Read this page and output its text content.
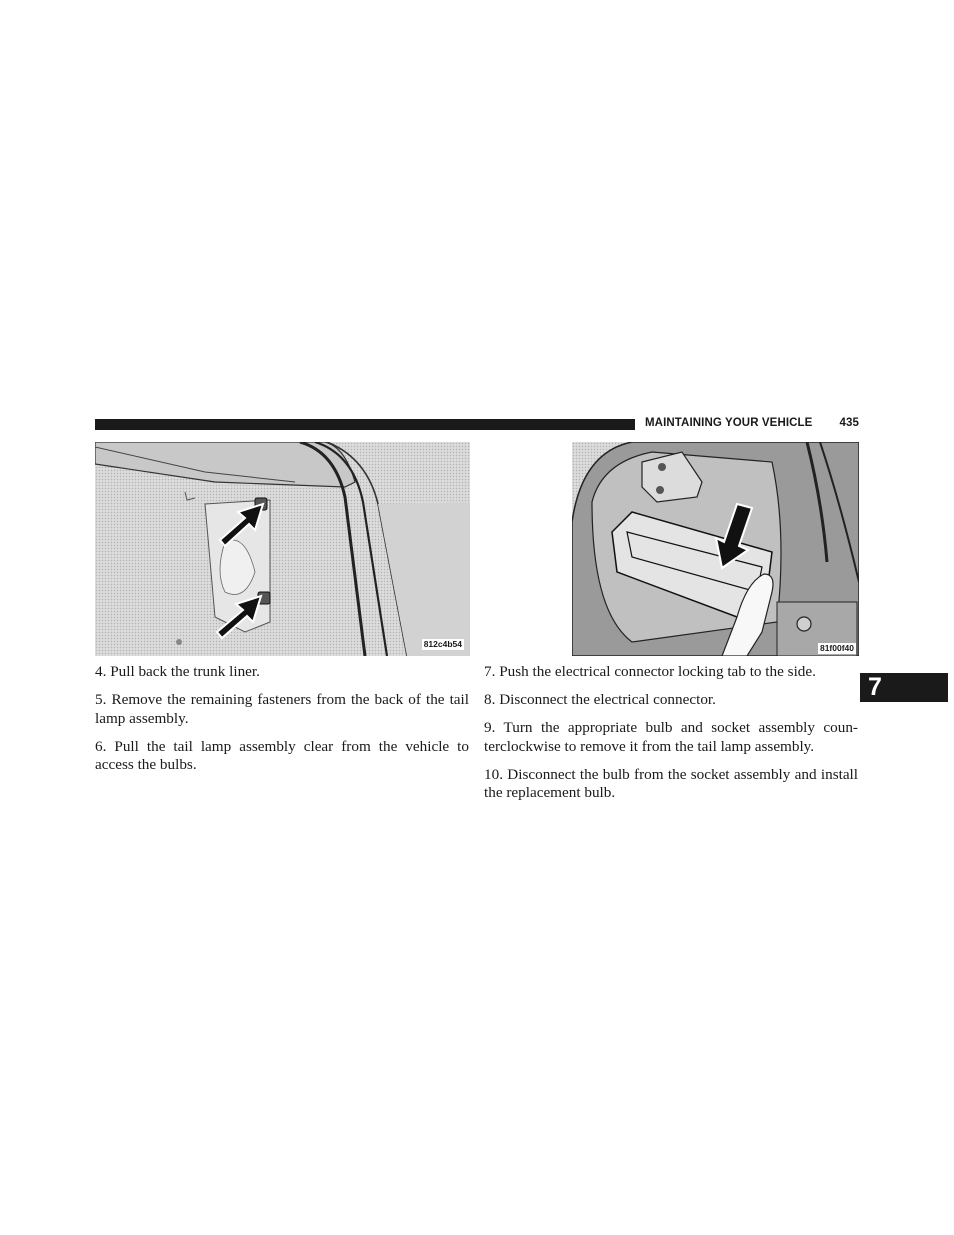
MAINTAINING YOUR VEHICLE 435
812c4b54	81f00f40

4. Pull back the trunk liner.

5. Remove the remaining fasteners from the back of the tail lamp assembly.

6. Pull the tail lamp assembly clear from the vehicle to access the bulbs.

7. Push the electrical connector locking tab to the side.

8. Disconnect the electrical connector.

9. Turn the appropriate bulb and socket assembly coun-terclockwise to remove it from the tail lamp assembly.

10. Disconnect the bulb from the socket assembly and install the replacement bulb.

7
